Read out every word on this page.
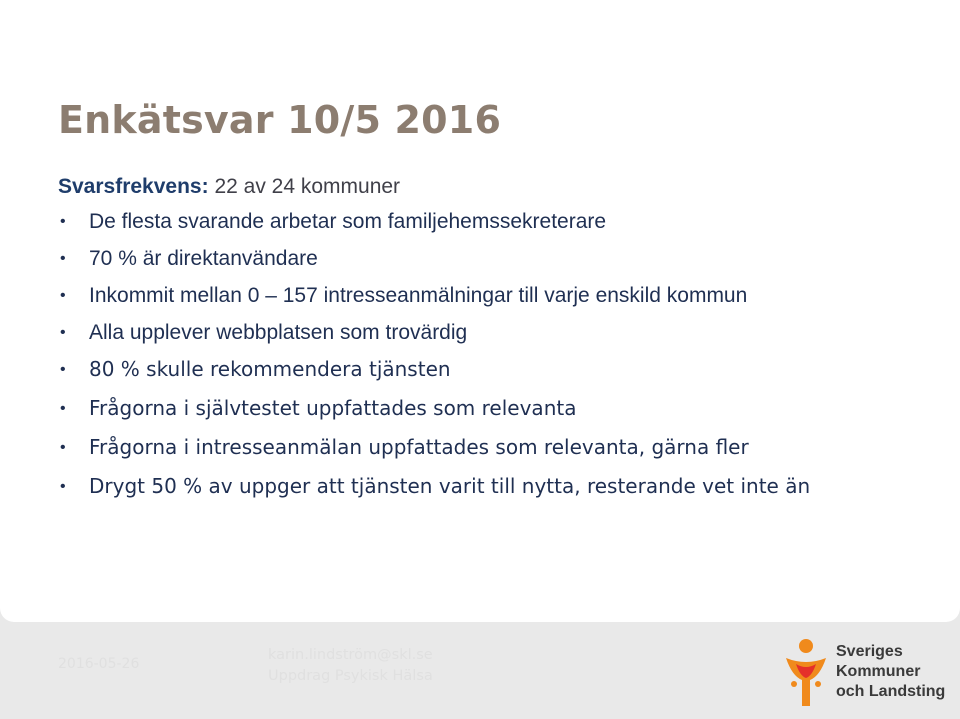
Enkätsvar 10/5 2016

Svarsfrekvens: 22 av 24 kommuner

• De flesta svarande arbetar som familjehemssekreterare
• 70 % är direktanvändare
• Inkommit mellan 0 – 157 intresseanmälningar till varje enskild kommun
• Alla upplever webbplatsen som trovärdig
• 80 % skulle rekommendera tjänsten
• Frågorna i självtestet uppfattades som relevanta
• Frågorna i intresseanmälan uppfattades som relevanta, gärna fler
• Drygt 50 % av uppger att tjänsten varit till nytta, resterande vet inte än
2016-05-26
karin.lindström@skl.se
Uppdrag Psykisk Hälsa
Sveriges
Kommuner
och Landsting
